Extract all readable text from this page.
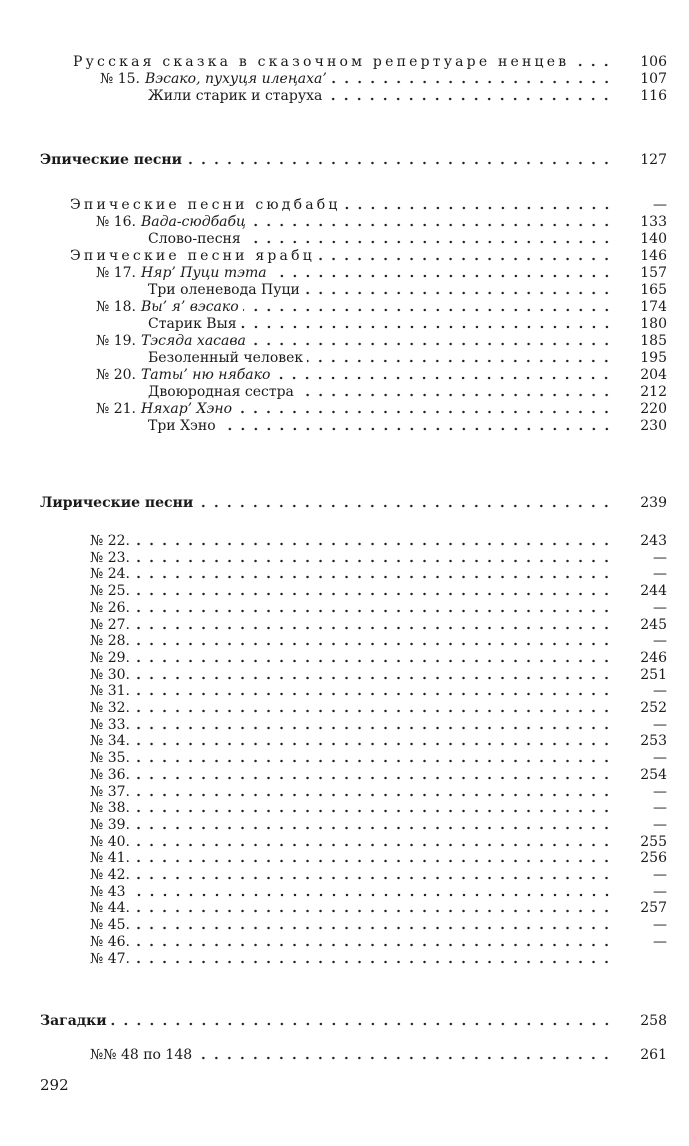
Русская сказка в сказочном репертуаре ненцев	106
№ 15. Вэсако, пухуця илеңаха’	107
Жили старик и старуха	116
Эпические песни	127
Эпические песни сюдбабц	—
№ 16. Вада-сюдбабц	133
Слово-песня	140
Эпические песни ярабц	146
№ 17. Няр’ Пуци тэта	157
Три оленевода Пуци	165
№ 18. Вы’ я’ вэсако	174
Старик Выя	180
№ 19. Тэсяда хасава	185
Безоленный человек	195
№ 20. Таты’ ню нябако	204
Двоюродная сестра	212
№ 21. Няхар’ Хэно	220
Три Хэно	230
Лирические песни	239
№ 22.	243
№ 23.	—
№ 24.	—
№ 25.	244
№ 26.	—
№ 27.	245
№ 28.	—
№ 29.	246
№ 30.	251
№ 31.	—
№ 32.	252
№ 33.	—
№ 34.	253
№ 35.	—
№ 36.	254
№ 37.	—
№ 38.	—
№ 39.	—
№ 40.	255
№ 41.	256
№ 42.	—
№ 43	—
№ 44.	257
№ 45.	—
№ 46.	—
№ 47.
Загадки	258
№№ 48 по 148	261
292
